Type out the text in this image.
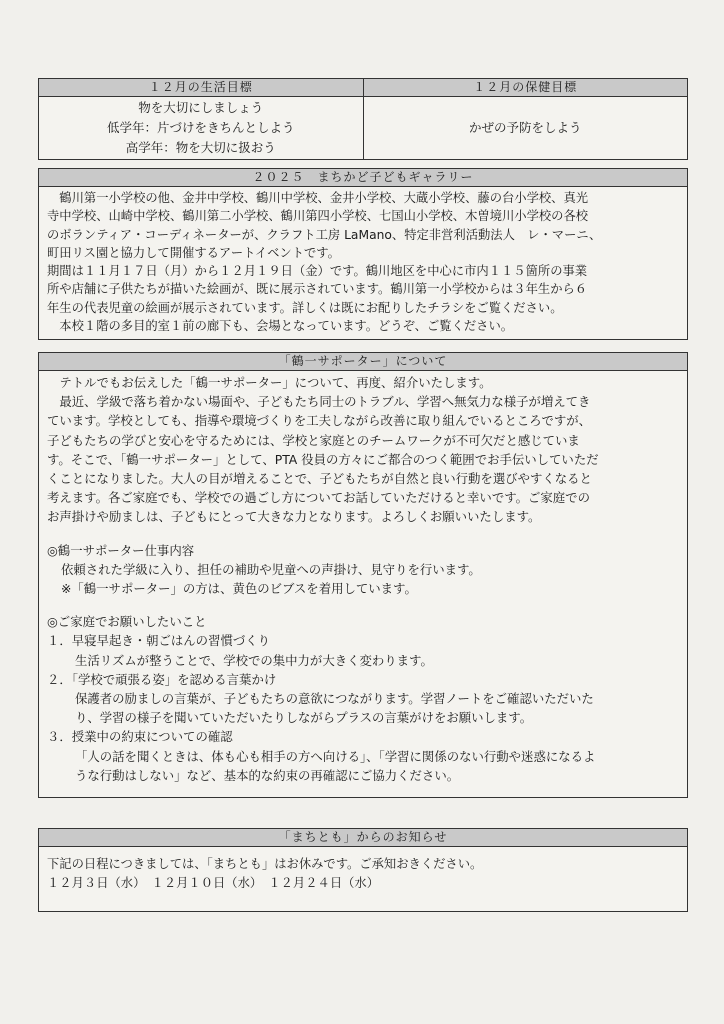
１２月の生活目標
物を大切にしましょう
低学年：片づけをきちんとしよう
高学年：物を大切に扱おう
１２月の保健目標
かぜの予防をしよう
２０２５　まちかど子どもギャラリー
　鶴川第一小学校の他、金井中学校、鶴川中学校、金井小学校、大蔵小学校、藤の台小学校、真光
寺中学校、山崎中学校、鶴川第二小学校、鶴川第四小学校、七国山小学校、木曽境川小学校の各校
のボランティア・コーディネーターが、クラフト工房 LaMano、特定非営利活動法人　レ・マーニ、
町田リス園と協力して開催するアートイベントです。
期間は１１月１７日（月）から１２月１９日（金）です。鶴川地区を中心に市内１１５箇所の事業
所や店舗に子供たちが描いた絵画が、既に展示されています。鶴川第一小学校からは３年生から６
年生の代表児童の絵画が展示されています。詳しくは既にお配りしたチラシをご覧ください。
　本校１階の多目的室１前の廊下も、会場となっています。どうぞ、ご覧ください。
「鶴一サポーター」について
　テトルでもお伝えした「鶴一サポーター」について、再度、紹介いたします。
　最近、学級で落ち着かない場面や、子どもたち同士のトラブル、学習へ無気力な様子が増えてき
ています。学校としても、指導や環境づくりを工夫しながら改善に取り組んでいるところですが、
子どもたちの学びと安心を守るためには、学校と家庭とのチームワークが不可欠だと感じていま
す。そこで、「鶴一サポーター」として、PTA 役員の方々にご都合のつく範囲でお手伝いしていただ
くことになりました。大人の目が増えることで、子どもたちが自然と良い行動を選びやすくなると
考えます。各ご家庭でも、学校での過ごし方についてお話していただけると幸いです。ご家庭での
お声掛けや励ましは、子どもにとって大きな力となります。よろしくお願いいたします。
◎鶴一サポーター仕事内容
依頼された学級に入り、担任の補助や児童への声掛け、見守りを行います。
※「鶴一サポーター」の方は、黄色のビブスを着用しています。
◎ご家庭でお願いしたいこと
１．早寝早起き・朝ごはんの習慣づくり
生活リズムが整うことで、学校での集中力が大きく変わります。
２．「学校で頑張る姿」を認める言葉かけ
保護者の励ましの言葉が、子どもたちの意欲につながります。学習ノートをご確認いただいた
り、学習の様子を聞いていただいたりしながらプラスの言葉がけをお願いします。
３．授業中の約束についての確認
「人の話を聞くときは、体も心も相手の方へ向ける」、「学習に関係のない行動や迷惑になるよ
うな行動はしない」など、基本的な約束の再確認にご協力ください。
「まちとも」からのお知らせ
下記の日程につきましては、「まちとも」はお休みです。ご承知おきください。
１２月３日（水）　１２月１０日（水）　１２月２４日（水）
